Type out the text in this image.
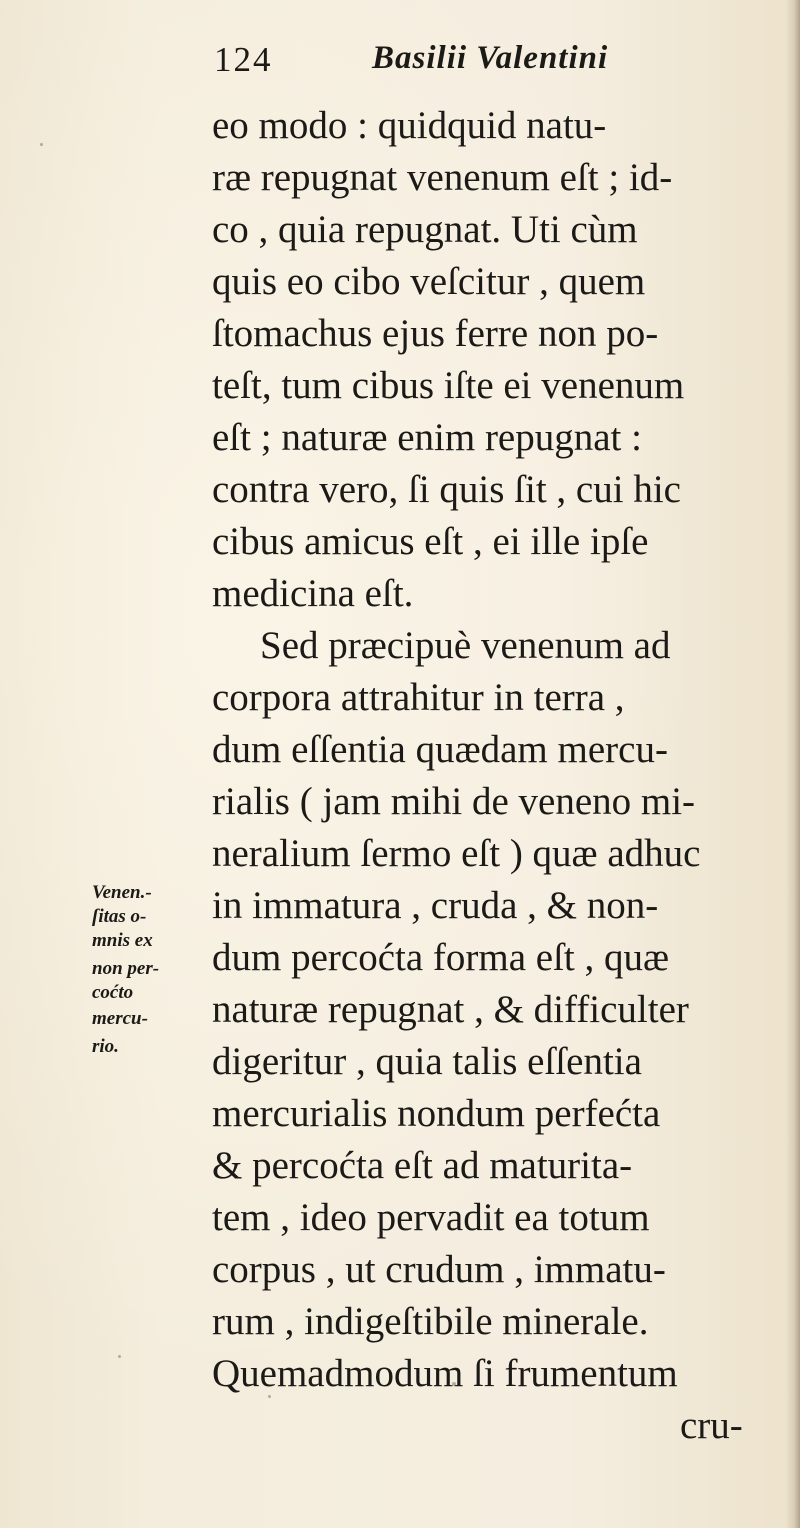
124	Basilii Valentini
eo modo : quidquid natu-
ræ repugnat venenum eſt ; id-
co , quia repugnat. Uti cùm
quis eo cibo veſcitur , quem
ſtomachus ejus ferre non po-
teſt, tum cibus iſte ei venenum
eſt ; naturæ enim repugnat :
contra vero, ſi quis ſit , cui hic
cibus amicus eſt , ei ille ipſe
medicina eſt.
Sed præcipuè venenum ad
corpora attrahitur in terra ,
dum eſſentia quædam mercu-
rialis ( jam mihi de veneno mi-
neralium ſermo eſt ) quæ adhuc
in immatura , cruda , & non-
dum percoćta forma eſt , quæ
naturæ repugnat , & difficulter
digeritur , quia talis eſſentia
mercurialis nondum perfećta
& percoćta eſt ad maturita-
tem , ideo pervadit ea totum
corpus , ut crudum , immatu-
rum , indigeſtibile minerale.
Quemadmodum ſi frumentum
cru-
Venen.-
ſitas o-
mnis ex
non per-
coćto
mercu-
rio.
